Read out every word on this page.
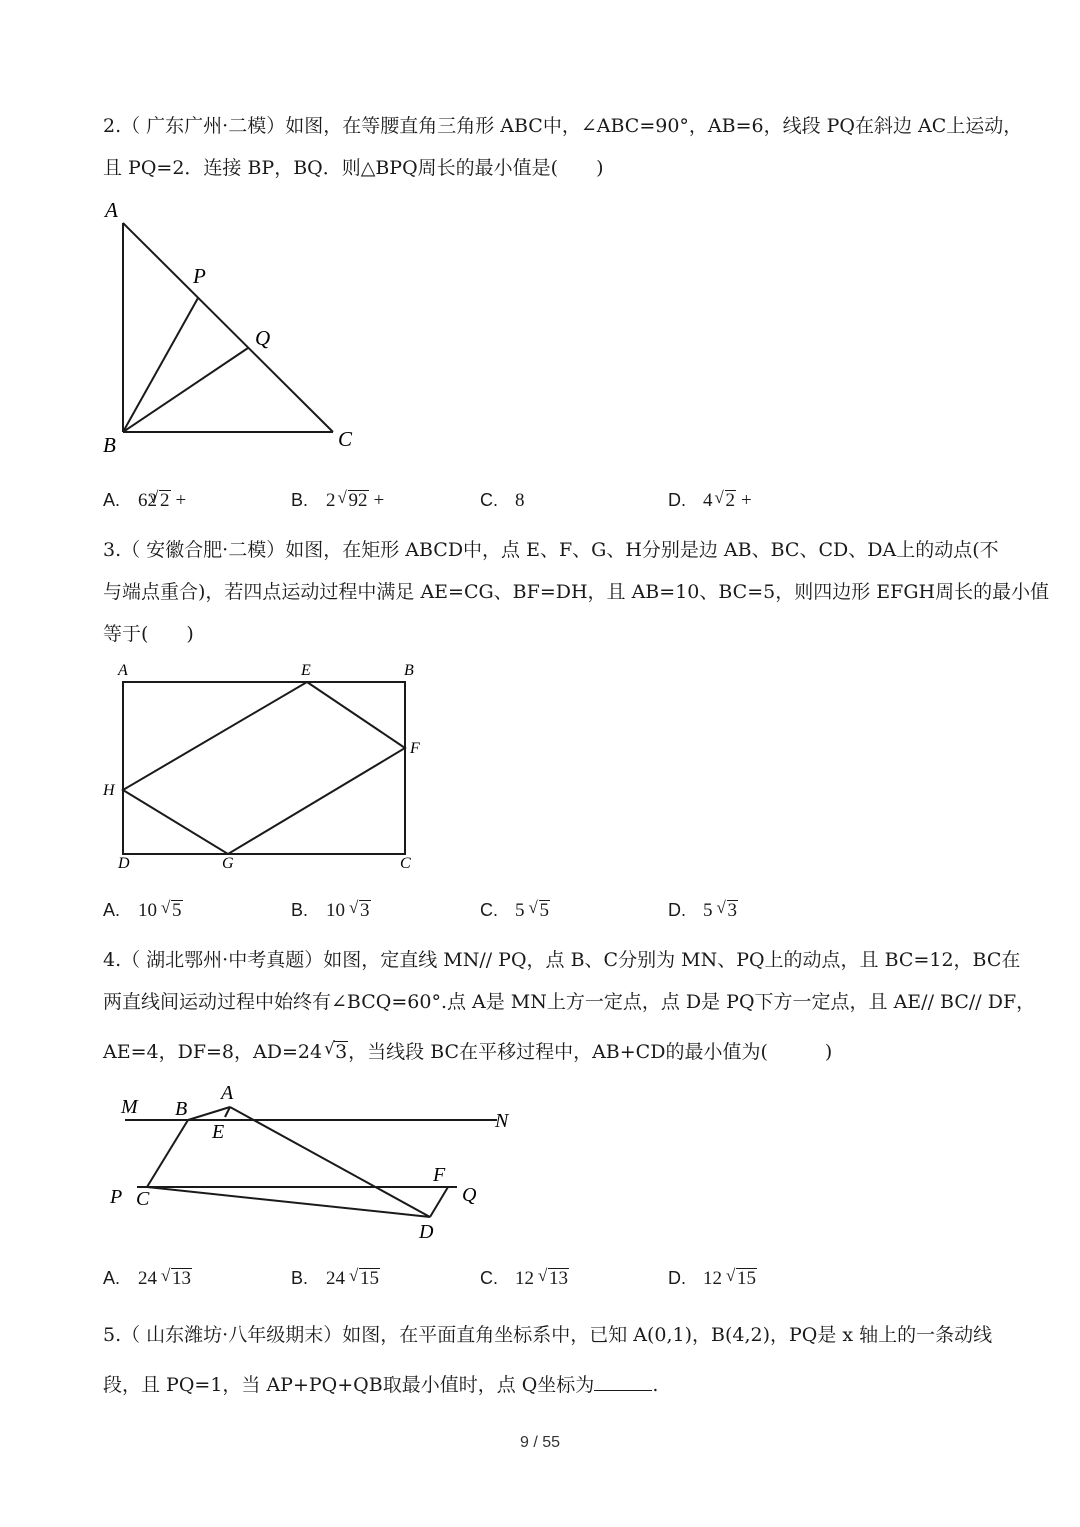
2.（ 广东广州·二模）如图，在等腰直角三角形 ABC中，∠ABC=90°，AB=6，线段 PQ在斜边 AC上运动，
且 PQ=2．连接 BP，BQ．则△BPQ周长的最小值是(　　)
A
P
Q
B	C
A. 62 √ 2 +	B. 2 √ 92 +	C. 8	D. 4 √ 2 +
3.（ 安徽合肥·二模）如图，在矩形 ABCD中，点 E、F、G、H分别是边 AB、BC、CD、DA上的动点(不
与端点重合)，若四点运动过程中满足 AE=CG、BF=DH，且 AB=10、BC=5，则四边形 EFGH周长的最小值
等于(　　)
A	E	B
F
H
D	G	C
A. 10 √ 5	B. 10 √ 3	C. 5 √ 5	D. 5 √ 3
4.（ 湖北鄂州·中考真题）如图，定直线 MN// PQ，点 B、C分别为 MN、PQ上的动点，且 BC=12，BC在
两直线间运动过程中始终有∠BCQ=60°.点 A是 MN上方一定点，点 D是 PQ下方一定点，且 AE// BC// DF，
AE=4，DF=8，AD=24 √ 3，当线段 BC在平移过程中，AB+CD的最小值为(　　　)
M B
A
E	N
F
P C	Q
D
A. 24 √ 13	B. 24 √ 15	C. 12 √ 13	D. 12 √ 15
5.（ 山东潍坊·八年级期末）如图，在平面直角坐标系中，已知 A(0,1)，B(4,2)，PQ是 x 轴上的一条动线
段，且 PQ=1，当 AP+PQ+QB取最小值时，点 Q坐标为	.
9 / 55
